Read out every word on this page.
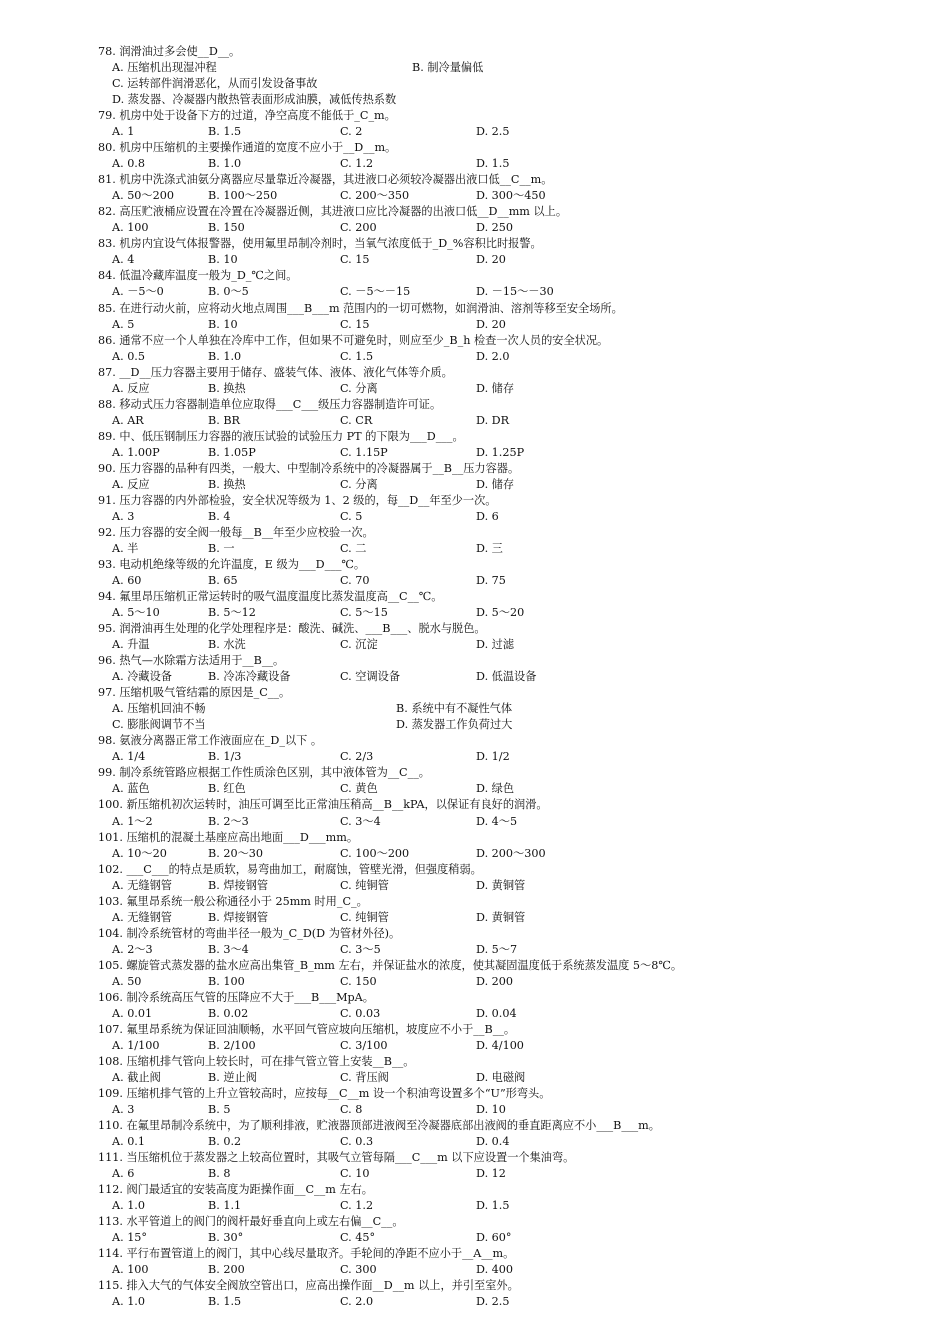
78. 润滑油过多会使__D__。
A. 压缩机出现湿冲程	B. 制冷量偏低
C. 运转部件润滑恶化，从而引发设备事故
D. 蒸发器、冷凝器内散热管表面形成油膜，减低传热系数
79. 机房中处于设备下方的过道，净空高度不能低于_C_m。
A. 1	B. 1.5	C. 2	D. 2.5
80. 机房中压缩机的主要操作通道的宽度不应小于__D__m。
A. 0.8	B. 1.0	C. 1.2	D. 1.5
81. 机房中洗涤式油氨分离器应尽量靠近冷凝器，其进液口必须较冷凝器出液口低__C__m。
A. 50～200	B. 100～250	C. 200～350	D. 300～450
82. 高压贮液桶应设置在冷置在冷凝器近侧，其进液口应比冷凝器的出液口低__D__mm 以上。
A. 100	B. 150	C. 200	D. 250
83. 机房内宜设气体报警器，使用氟里昂制冷剂时，当氧气浓度低于_D_%容积比时报警。
A. 4	B. 10	C. 15	D. 20
84. 低温冷藏库温度一般为_D_℃之间。
A. －5～0	B. 0～5	C. －5～－15	D. －15～－30
85. 在进行动火前，应将动火地点周围___B___m 范围内的一切可燃物，如润滑油、溶剂等移至安全场所。
A. 5	B. 10	C. 15	D. 20
86. 通常不应一个人单独在冷库中工作，但如果不可避免时，则应至少_B_h 检查一次人员的安全状况。
A. 0.5	B. 1.0	C. 1.5	D. 2.0
87. __D__压力容器主要用于储存、盛装气体、液体、液化气体等介质。
A. 反应	B. 换热	C. 分离	D. 储存
88. 移动式压力容器制造单位应取得___C___级压力容器制造许可证。
A. AR	B. BR	C. CR	D. DR
89. 中、低压钢制压力容器的液压试验的试验压力 PT 的下限为___D___。
A. 1.00P	B. 1.05P	C. 1.15P	D. 1.25P
90. 压力容器的品种有四类，一般大、中型制冷系统中的冷凝器属于__B__压力容器。
A. 反应	B. 换热	C. 分离	D. 储存
91. 压力容器的内外部检验，安全状况等级为 1、2 级的，每__D__年至少一次。
A. 3	B. 4	C. 5	D. 6
92. 压力容器的安全阀一般每__B__年至少应校验一次。
A. 半	B. 一	C. 二	D. 三
93. 电动机绝缘等级的允许温度，E 级为___D___℃。
A. 60	B. 65	C. 70	D. 75
94. 氟里昂压缩机正常运转时的吸气温度温度比蒸发温度高__C__℃。
A. 5～10	B. 5～12	C. 5～15	D. 5～20
95. 润滑油再生处理的化学处理程序是：酸洗、碱洗、___B___、脱水与脱色。
A. 升温	B. 水洗	C. 沉淀	D. 过滤
96. 热气—水除霜方法适用于__B__。
A. 冷藏设备	B. 冷冻冷藏设备	C. 空调设备	D. 低温设备
97. 压缩机吸气管结霜的原因是_C__。
A. 压缩机回油不畅	B. 系统中有不凝性气体
C. 膨胀阀调节不当	D. 蒸发器工作负荷过大
98. 氨液分离器正常工作液面应在_D_以下 。
A. 1/4	B. 1/3	C. 2/3	D. 1/2
99. 制冷系统管路应根据工作性质涂色区别，其中液体管为__C__。
A. 蓝色	B. 红色	C. 黄色	D. 绿色
100. 新压缩机初次运转时，油压可调至比正常油压稍高__B__kPA，以保证有良好的润滑。
A. 1～2	B. 2～3	C. 3～4	D. 4～5
101. 压缩机的混凝土基座应高出地面___D___mm。
A. 10～20	B. 20～30	C. 100～200	D. 200～300
102. ___C___的特点是质软，易弯曲加工，耐腐蚀，管壁光滑，但强度稍弱。
A. 无缝钢管	B. 焊接钢管	C. 纯铜管	D. 黄铜管
103. 氟里昂系统一般公称通径小于 25mm 时用_C_。
A. 无缝钢管	B. 焊接钢管	C. 纯铜管	D. 黄铜管
104. 制冷系统管材的弯曲半径一般为_C_D(D 为管材外径)。
A. 2～3	B. 3～4	C. 3～5	D. 5～7
105. 螺旋管式蒸发器的盐水应高出集管_B_mm 左右，并保证盐水的浓度，使其凝固温度低于系统蒸发温度 5～8℃。
A. 50	B. 100	C. 150	D. 200
106. 制冷系统高压气管的压降应不大于___B___MpA。
A. 0.01	B. 0.02	C. 0.03	D. 0.04
107. 氟里昂系统为保证回油顺畅，水平回气管应坡向压缩机，坡度应不小于__B__。
A. 1/100	B. 2/100	C. 3/100	D. 4/100
108. 压缩机排气管向上较长时，可在排气管立管上安装__B__。
A. 截止阀	B. 逆止阀	C. 背压阀	D. 电磁阀
109. 压缩机排气管的上升立管较高时，应按每__C__m 设一个积油弯设置多个“U”形弯头。
A. 3	B. 5	C. 8	D. 10
110. 在氟里昂制冷系统中，为了顺利排液，贮液器顶部进液阀至冷凝器底部出液阀的垂直距离应不小___B___m。
A. 0.1	B. 0.2	C. 0.3	D. 0.4
111. 当压缩机位于蒸发器之上较高位置时，其吸气立管每隔___C___m 以下应设置一个集油弯。
A. 6	B. 8	C. 10	D. 12
112. 阀门最适宜的安装高度为距操作面__C__m 左右。
A. 1.0	B. 1.1	C. 1.2	D. 1.5
113. 水平管道上的阀门的阀杆最好垂直向上或左右偏__C__。
A. 15°	B. 30°	C. 45°	D. 60°
114. 平行布置管道上的阀门，其中心线尽量取齐。手轮间的净距不应小于__A__m。
A. 100	B. 200	C. 300	D. 400
115. 排入大气的气体安全阀放空管出口，应高出操作面__D__m 以上，并引至室外。
A. 1.0	B. 1.5	C. 2.0	D. 2.5
